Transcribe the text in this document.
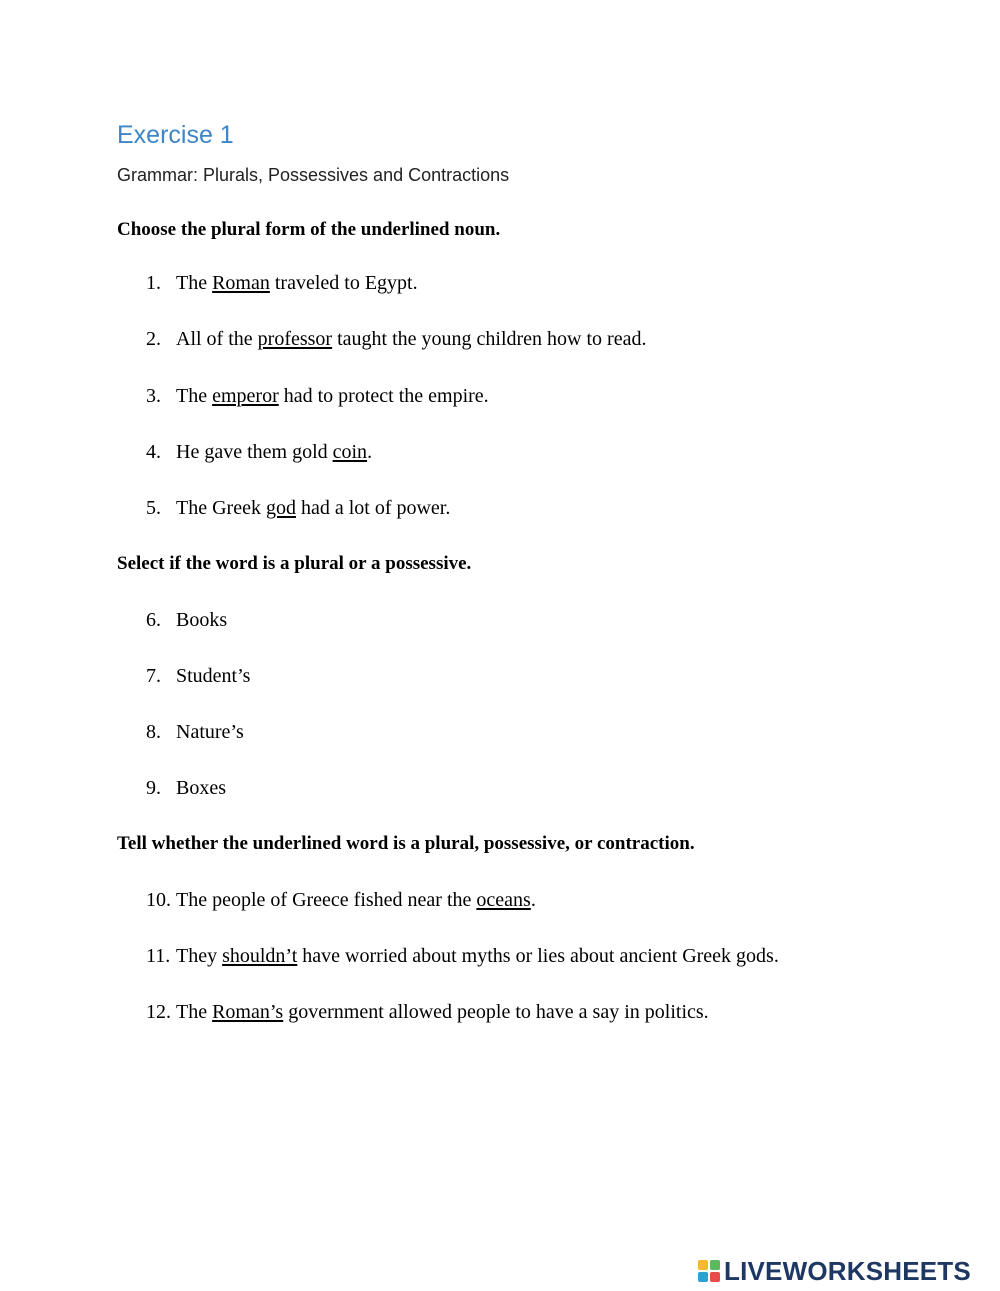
Exercise 1
Grammar: Plurals, Possessives and Contractions
Choose the plural form of the underlined noun.
1. The Roman traveled to Egypt.
2. All of the professor taught the young children how to read.
3. The emperor had to protect the empire.
4. He gave them gold coin.
5. The Greek god had a lot of power.
Select if the word is a plural or a possessive.
6. Books
7. Student’s
8. Nature’s
9. Boxes
Tell whether the underlined word is a plural, possessive, or contraction.
10. The people of Greece fished near the oceans.
11. They shouldn’t have worried about myths or lies about ancient Greek gods.
12. The Roman’s government allowed people to have a say in politics.
LIVEWORKSHEETS
